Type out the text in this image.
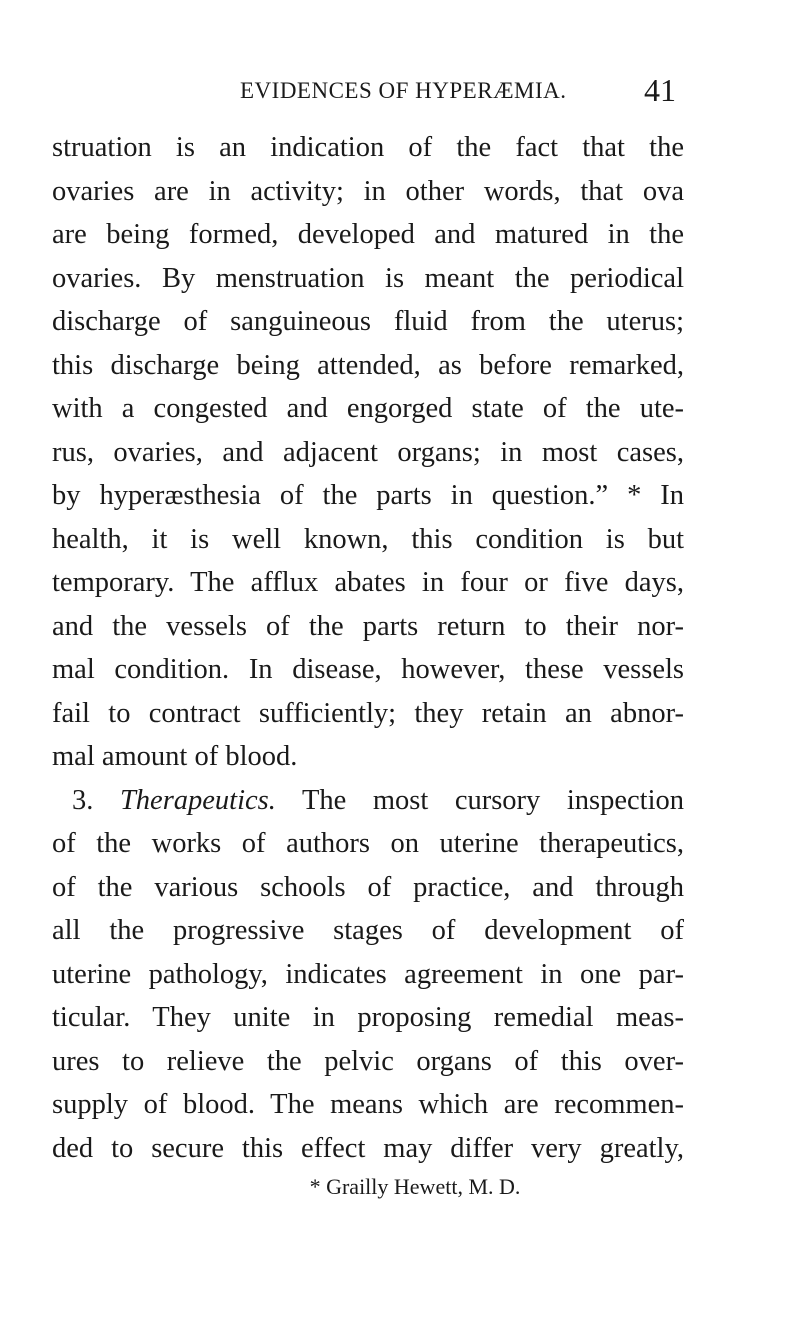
EVIDENCES OF HYPERÆMIA. 41
struation is an indication of the fact that the
ovaries are in activity; in other words, that ova
are being formed, developed and matured in the
ovaries. By menstruation is meant the periodical
discharge of sanguineous fluid from the uterus;
this discharge being attended, as before remarked,
with a congested and engorged state of the ute-
rus, ovaries, and adjacent organs; in most cases,
by hyperæsthesia of the parts in question.” * In
health, it is well known, this condition is but
temporary. The afflux abates in four or five days,
and the vessels of the parts return to their nor-
mal condition. In disease, however, these vessels
fail to contract sufficiently; they retain an abnor-
mal amount of blood.
3. Therapeutics. The most cursory inspection
of the works of authors on uterine therapeutics,
of the various schools of practice, and through
all the progressive stages of development of
uterine pathology, indicates agreement in one par-
ticular. They unite in proposing remedial meas-
ures to relieve the pelvic organs of this over-
supply of blood. The means which are recommen-
ded to secure this effect may differ very greatly,
* Grailly Hewett, M. D.
